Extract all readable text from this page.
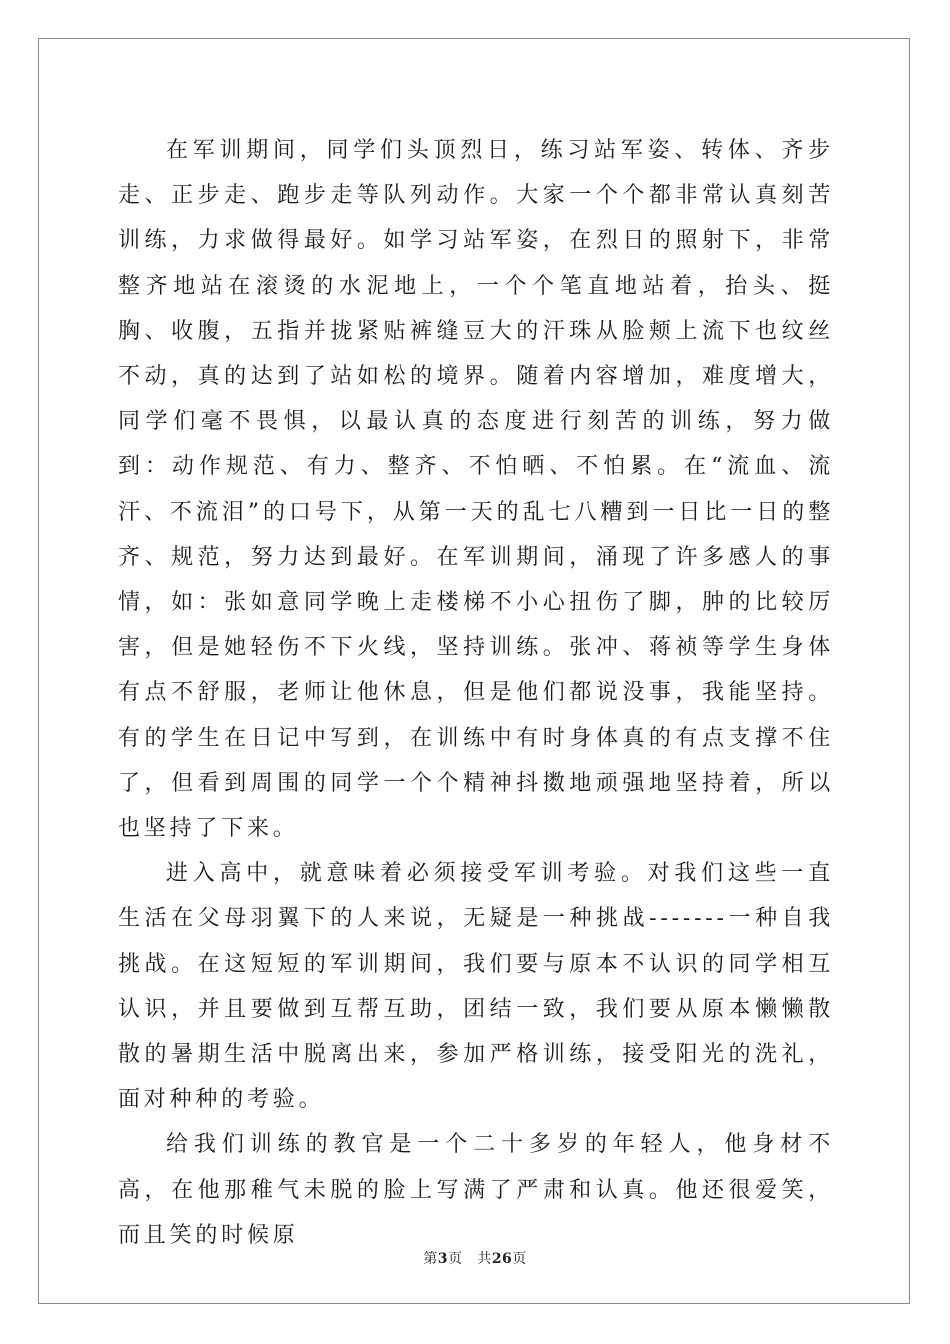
在军训期间，同学们头顶烈日，练习站军姿、转体、齐步走、正步走、跑步走等队列动作。大家一个个都非常认真刻苦训练，力求做得最好。如学习站军姿，在烈日的照射下，非常整齐地站在滚烫的水泥地上，一个个笔直地站着，抬头、挺胸、收腹，五指并拢紧贴裤缝豆大的汗珠从脸颊上流下也纹丝不动，真的达到了站如松的境界。随着内容增加，难度增大，同学们毫不畏惧，以最认真的态度进行刻苦的训练，努力做到：动作规范、有力、整齐、不怕晒、不怕累。在“流血、流汗、不流泪”的口号下，从第一天的乱七八糟到一日比一日的整齐、规范，努力达到最好。在军训期间，涌现了许多感人的事情，如：张如意同学晚上走楼梯不小心扭伤了脚，肿的比较厉害，但是她轻伤不下火线，坚持训练。张冲、蒋祯等学生身体有点不舒服，老师让他休息，但是他们都说没事，我能坚持。有的学生在日记中写到，在训练中有时身体真的有点支撑不住了，但看到周围的同学一个个精神抖擞地顽强地坚持着，所以也坚持了下来。

进入高中，就意味着必须接受军训考验。对我们这些一直生活在父母羽翼下的人来说，无疑是一种挑战-------一种自我挑战。在这短短的军训期间，我们要与原本不认识的同学相互认识，并且要做到互帮互助，团结一致，我们要从原本懒懒散散的暑期生活中脱离出来，参加严格训练，接受阳光的洗礼，面对种种的考验。

给我们训练的教官是一个二十多岁的年轻人，他身材不高，在他那稚气未脱的脸上写满了严肃和认真。他还很爱笑，而且笑的时候原

第3页 共26页
